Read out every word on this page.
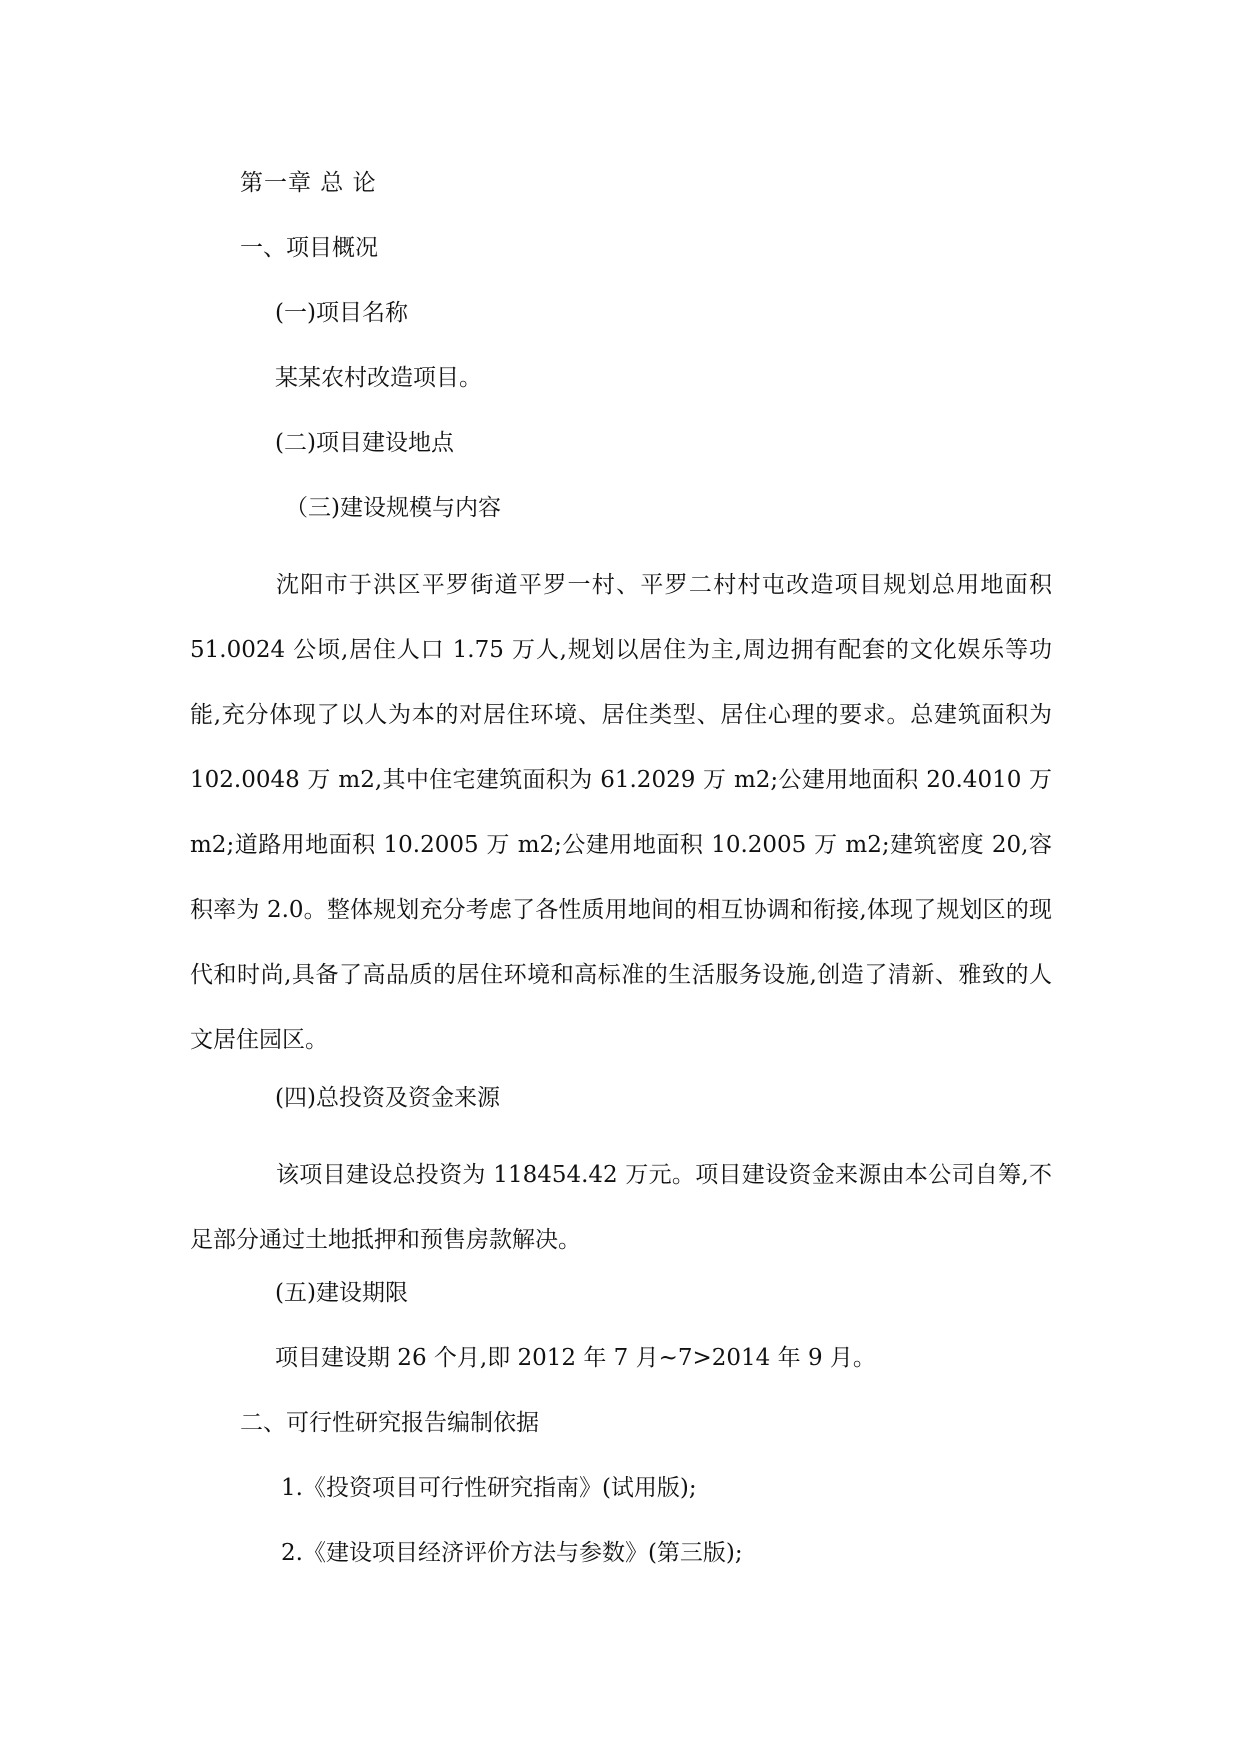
第一章 总 论
一、项目概况
(一)项目名称
某某农村改造项目。
(二)项目建设地点
（三)建设规模与内容
沈阳市于洪区平罗街道平罗一村、平罗二村村屯改造项目规划总用地面积 51.0024 公顷,居住人口 1.75 万人,规划以居住为主,周边拥有配套的文化娱乐等功能,充分体现了以人为本的对居住环境、居住类型、居住心理的要求。总建筑面积为 102.0048 万 m2,其中住宅建筑面积为 61.2029 万 m2;公建用地面积 20.4010 万 m2;道路用地面积 10.2005 万 m2;公建用地面积 10.2005 万 m2;建筑密度 20,容积率为 2.0。整体规划充分考虑了各性质用地间的相互协调和衔接,体现了规划区的现代和时尚,具备了高品质的居住环境和高标准的生活服务设施,创造了清新、雅致的人文居住园区。
(四)总投资及资金来源
该项目建设总投资为 118454.42 万元。项目建设资金来源由本公司自筹,不足部分通过土地抵押和预售房款解决。
(五)建设期限
项目建设期 26 个月,即 2012 年 7 月~7>2014 年 9 月。
二、可行性研究报告编制依据
1.《投资项目可行性研究指南》(试用版);
2.《建设项目经济评价方法与参数》(第三版);
